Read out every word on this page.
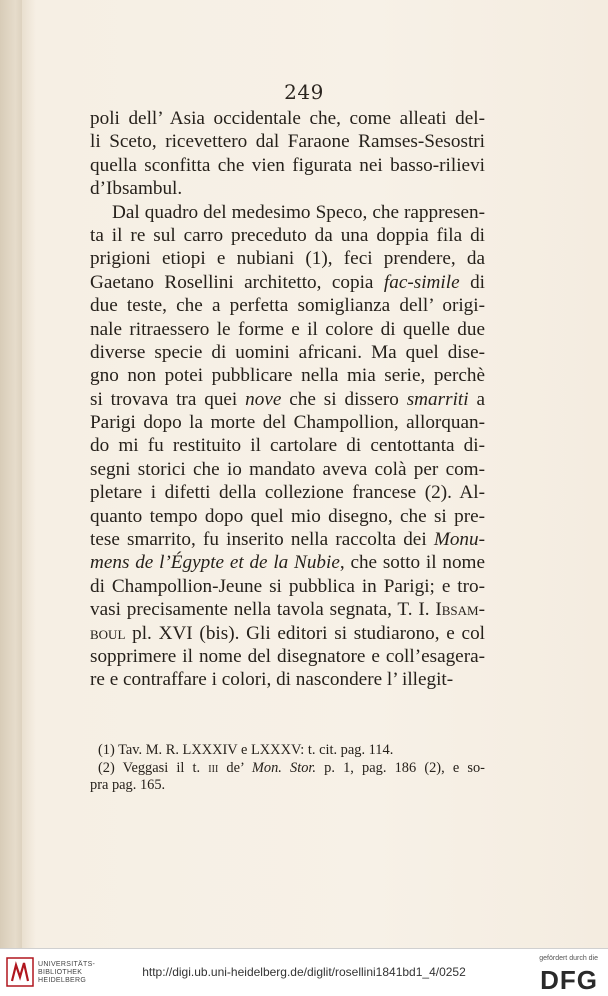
249
poli dell’ Asia occidentale che, come alleati del-
li Sceto, ricevettero dal Faraone Ramses-Sesostri
quella sconfitta che vien figurata nei basso-rilievi
d’Ibsambul.
Dal quadro del medesimo Speco, che rappresen-
ta il re sul carro preceduto da una doppia fila di
prigioni etiopi e nubiani (1), feci prendere, da
Gaetano Rosellini architetto, copia fac-simile di
due teste, che a perfetta somiglianza dell’ origi-
nale ritraessero le forme e il colore di quelle due
diverse specie di uomini africani. Ma quel dise-
gno non potei pubblicare nella mia serie, perchè
si trovava tra quei nove che si dissero smarriti a
Parigi dopo la morte del Champollion, allorquan-
do mi fu restituito il cartolare di centottanta di-
segni storici che io mandato aveva colà per com-
pletare i difetti della collezione francese (2). Al-
quanto tempo dopo quel mio disegno, che si pre-
tese smarrito, fu inserito nella raccolta dei Monu-
mens de l’Égypte et de la Nubie, che sotto il nome
di Champollion-Jeune si pubblica in Parigi; e tro-
vasi precisamente nella tavola segnata, T. I. Ibsam-
boul pl. XVI (bis). Gli editori si studiarono, e col
sopprimere il nome del disegnatore e coll’esagera-
re e contraffare i colori, di nascondere l’ illegit-
(1) Tav. M. R. LXXXIV e LXXXV: t. cit. pag. 114.
(2) Veggasi il t. iii de’ Mon. Stor. p. 1, pag. 186 (2), e so-
pra pag. 165.
UNIVERSITÄTS-
BIBLIOTHEK
HEIDELBERG
http://digi.ub.uni-heidelberg.de/diglit/rosellini1841bd1_4/0252
gefördert durch die
DFG
